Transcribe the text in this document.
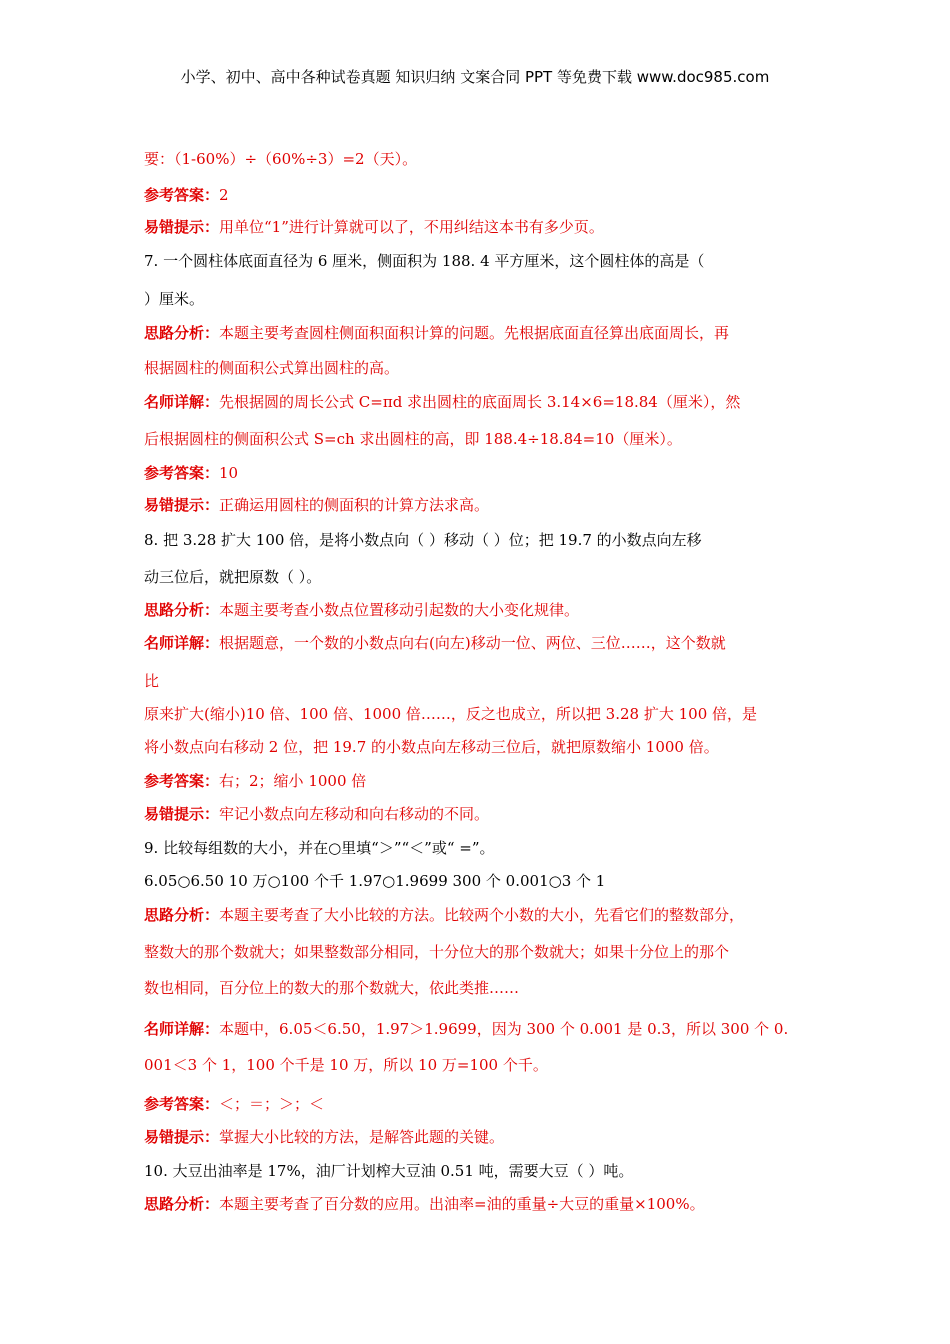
小学、初中、高中各种试卷真题 知识归纳 文案合同 PPT 等免费下载 www.doc985.com
要：（1-60%）÷（60%÷3）=2（天）。
参考答案：2
易错提示：用单位“1”进行计算就可以了，不用纠结这本书有多少页。
7. 一个圆柱体底面直径为 6 厘米，侧面积为 188. 4 平方厘米，这个圆柱体的高是（
）厘米。
思路分析：本题主要考查圆柱侧面积面积计算的问题。先根据底面直径算出底面周长，再
根据圆柱的侧面积公式算出圆柱的高。
名师详解：先根据圆的周长公式 C=πd 求出圆柱的底面周长 3.14×6=18.84（厘米），然
后根据圆柱的侧面积公式 S=ch 求出圆柱的高，即 188.4÷18.84=10（厘米）。
参考答案：10
易错提示：正确运用圆柱的侧面积的计算方法求高。
8. 把 3.28 扩大 100 倍，是将小数点向（ ）移动（ ）位；把 19.7 的小数点向左移
动三位后，就把原数（ ）。
思路分析：本题主要考查小数点位置移动引起数的大小变化规律。
名师详解：根据题意，一个数的小数点向右(向左)移动一位、两位、三位……，这个数就
比
原来扩大(缩小)10 倍、100 倍、1000 倍……，反之也成立，所以把 3.28 扩大 100 倍，是
将小数点向右移动 2 位，把 19.7 的小数点向左移动三位后，就把原数缩小 1000 倍。
参考答案：右；2；缩小 1000 倍
易错提示：牢记小数点向左移动和向右移动的不同。
9. 比较每组数的大小，并在○里填“＞”“＜”或“ =”。
6.05○6.50 10 万○100 个千 1.97○1.9699 300 个 0.001○3 个 1
思路分析：本题主要考查了大小比较的方法。比较两个小数的大小，先看它们的整数部分，
整数大的那个数就大；如果整数部分相同，十分位大的那个数就大；如果十分位上的那个
数也相同，百分位上的数大的那个数就大，依此类推……
名师详解：本题中，6.05＜6.50，1.97＞1.9699，因为 300 个 0.001 是 0.3，所以 300 个 0.
001＜3 个 1，100 个千是 10 万，所以 10 万=100 个千。
参考答案：＜；＝；＞；＜
易错提示：掌握大小比较的方法，是解答此题的关键。
10. 大豆出油率是 17%，油厂计划榨大豆油 0.51 吨，需要大豆（ ）吨。
思路分析：本题主要考查了百分数的应用。出油率=油的重量÷大豆的重量×100%。
